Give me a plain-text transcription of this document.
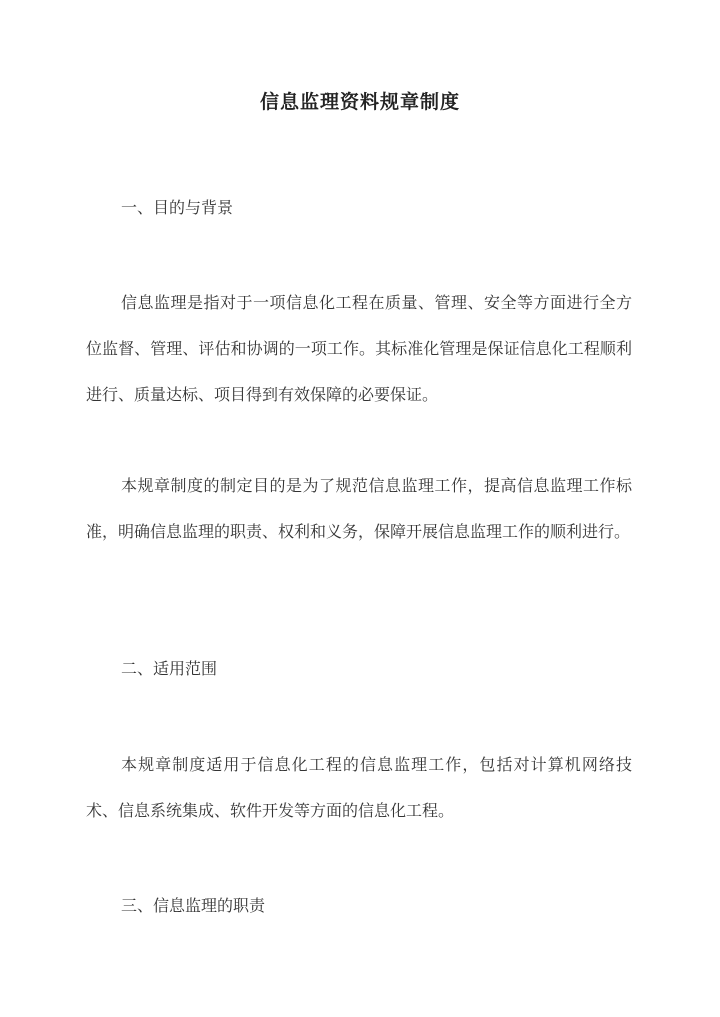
信息监理资料规章制度
一、目的与背景
信息监理是指对于一项信息化工程在质量、管理、安全等方面进行全方位监督、管理、评估和协调的一项工作。其标准化管理是保证信息化工程顺利进行、质量达标、项目得到有效保障的必要保证。
本规章制度的制定目的是为了规范信息监理工作，提高信息监理工作标准，明确信息监理的职责、权利和义务，保障开展信息监理工作的顺利进行。
二、适用范围
本规章制度适用于信息化工程的信息监理工作，包括对计算机网络技术、信息系统集成、软件开发等方面的信息化工程。
三、信息监理的职责
